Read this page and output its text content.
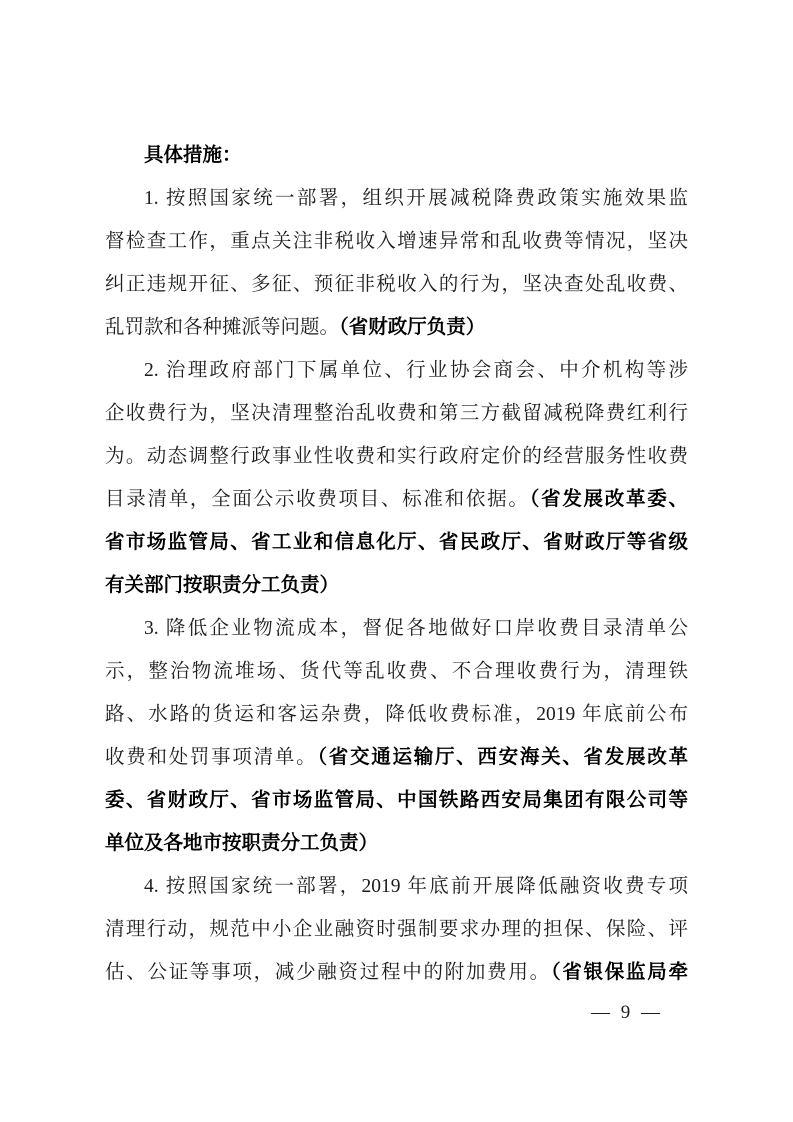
具体措施：
1. 按照国家统一部署，组织开展减税降费政策实施效果监
督检查工作，重点关注非税收入增速异常和乱收费等情况，坚决
纠正违规开征、多征、预征非税收入的行为，坚决查处乱收费、
乱罚款和各种摊派等问题。（省财政厅负责）
2. 治理政府部门下属单位、行业协会商会、中介机构等涉
企收费行为，坚决清理整治乱收费和第三方截留减税降费红利行
为。动态调整行政事业性收费和实行政府定价的经营服务性收费
目录清单，全面公示收费项目、标准和依据。（省发展改革委、
省市场监管局、省工业和信息化厅、省民政厅、省财政厅等省级
有关部门按职责分工负责）
3. 降低企业物流成本，督促各地做好口岸收费目录清单公
示，整治物流堆场、货代等乱收费、不合理收费行为，清理铁
路、水路的货运和客运杂费，降低收费标准，2019 年底前公布
收费和处罚事项清单。（省交通运输厅、西安海关、省发展改革
委、省财政厅、省市场监管局、中国铁路西安局集团有限公司等
单位及各地市按职责分工负责）
4. 按照国家统一部署，2019 年底前开展降低融资收费专项
清理行动，规范中小企业融资时强制要求办理的担保、保险、评
估、公证等事项，减少融资过程中的附加费用。（省银保监局牵
— 9 —
